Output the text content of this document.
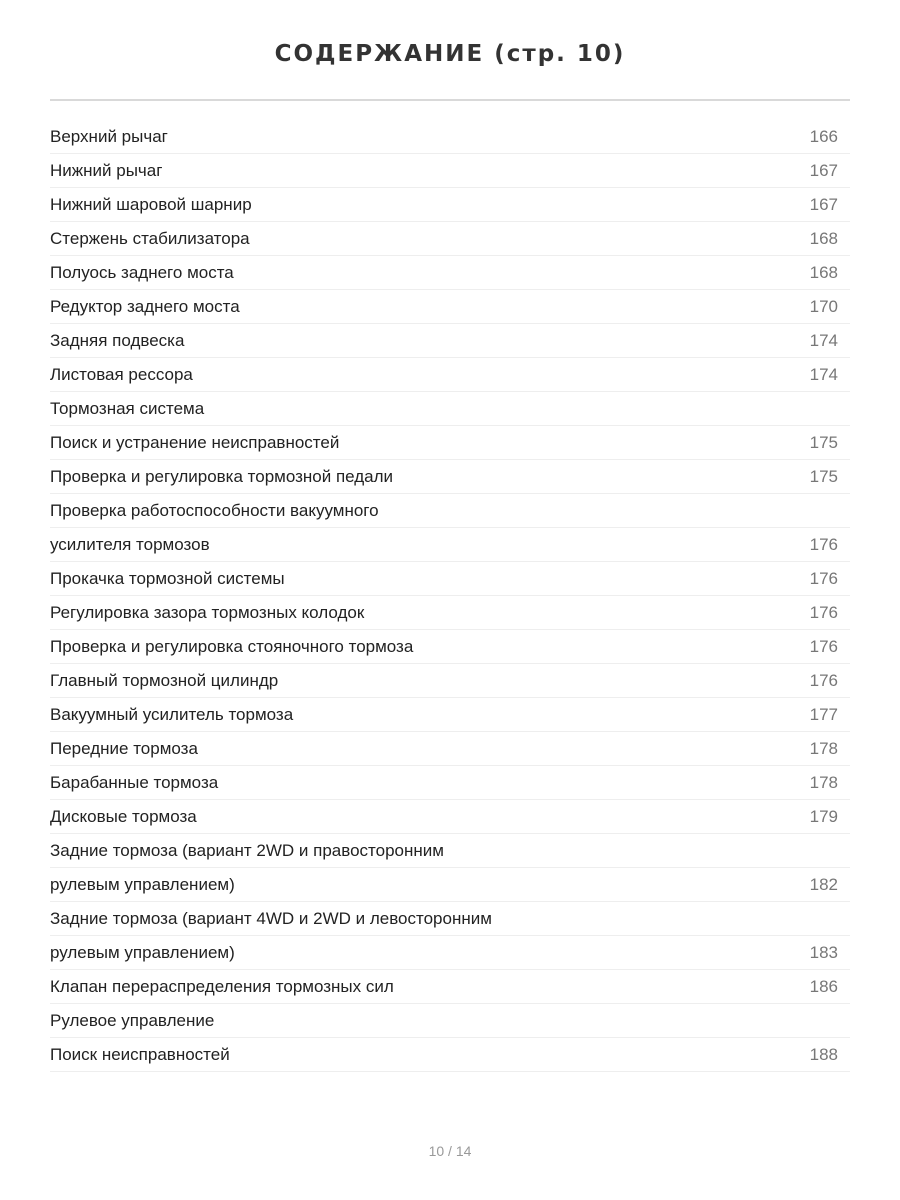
СОДЕРЖАНИЕ (стр. 10)
Верхний рычаг	166
Нижний рычаг	167
Нижний шаровой шарнир	167
Стержень стабилизатора	168
Полуось заднего моста	168
Редуктор заднего моста	170
Задняя подвеска	174
Листовая рессора	174
Тормозная система
Поиск и устранение неисправностей	175
Проверка и регулировка тормозной педали	175
Проверка работоспособности вакуумного
усилителя тормозов	176
Прокачка тормозной системы	176
Регулировка зазора тормозных колодок	176
Проверка и регулировка стояночного тормоза	176
Главный тормозной цилиндр	176
Вакуумный усилитель тормоза	177
Передние тормоза	178
Барабанные тормоза	178
Дисковые тормоза	179
Задние тормоза (вариант 2WD и правосторонним
рулевым управлением)	182
Задние тормоза (вариант 4WD и 2WD и левосторонним
рулевым управлением)	183
Клапан перераспределения тормозных сил	186
Рулевое управление
Поиск неисправностей	188
10 / 14
